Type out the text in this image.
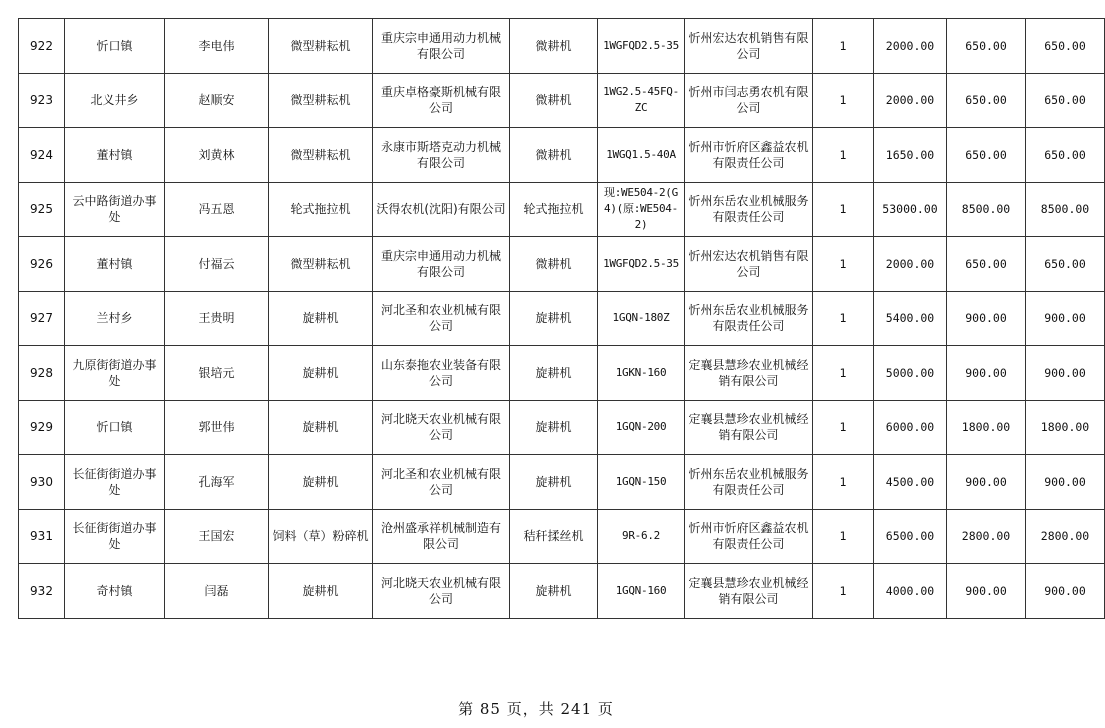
922	忻口镇	李电伟	微型耕耘机	重庆宗申通用动力机械有限公司	微耕机	1WGFQD2.5-35	忻州宏达农机销售有限公司	1	2000.00	650.00	650.00
923	北义井乡	赵顺安	微型耕耘机	重庆卓格豪斯机械有限公司	微耕机	1WG2.5-45FQ-ZC	忻州市闫志勇农机有限公司	1	2000.00	650.00	650.00
924	董村镇	刘黄林	微型耕耘机	永康市斯塔克动力机械有限公司	微耕机	1WGQ1.5-40A	忻州市忻府区鑫益农机有限责任公司	1	1650.00	650.00	650.00
925	云中路街道办事处	冯五恩	轮式拖拉机	沃得农机(沈阳)有限公司	轮式拖拉机	现:WE504-2(G4)(原:WE504-2)	忻州东岳农业机械服务有限责任公司	1	53000.00	8500.00	8500.00
926	董村镇	付福云	微型耕耘机	重庆宗申通用动力机械有限公司	微耕机	1WGFQD2.5-35	忻州宏达农机销售有限公司	1	2000.00	650.00	650.00
927	兰村乡	王贵明	旋耕机	河北圣和农业机械有限公司	旋耕机	1GQN-180Z	忻州东岳农业机械服务有限责任公司	1	5400.00	900.00	900.00
928	九原街街道办事处	银培元	旋耕机	山东泰拖农业装备有限公司	旋耕机	1GKN-160	定襄县慧珍农业机械经销有限公司	1	5000.00	900.00	900.00
929	忻口镇	郭世伟	旋耕机	河北晓天农业机械有限公司	旋耕机	1GQN-200	定襄县慧珍农业机械经销有限公司	1	6000.00	1800.00	1800.00
930	长征街街道办事处	孔海军	旋耕机	河北圣和农业机械有限公司	旋耕机	1GQN-150	忻州东岳农业机械服务有限责任公司	1	4500.00	900.00	900.00
931	长征街街道办事处	王国宏	饲料（草）粉碎机	沧州盛承祥机械制造有限公司	秸秆揉丝机	9R-6.2	忻州市忻府区鑫益农机有限责任公司	1	6500.00	2800.00	2800.00
932	奇村镇	闫磊	旋耕机	河北晓天农业机械有限公司	旋耕机	1GQN-160	定襄县慧珍农业机械经销有限公司	1	4000.00	900.00	900.00
第 85 页，共 241 页
